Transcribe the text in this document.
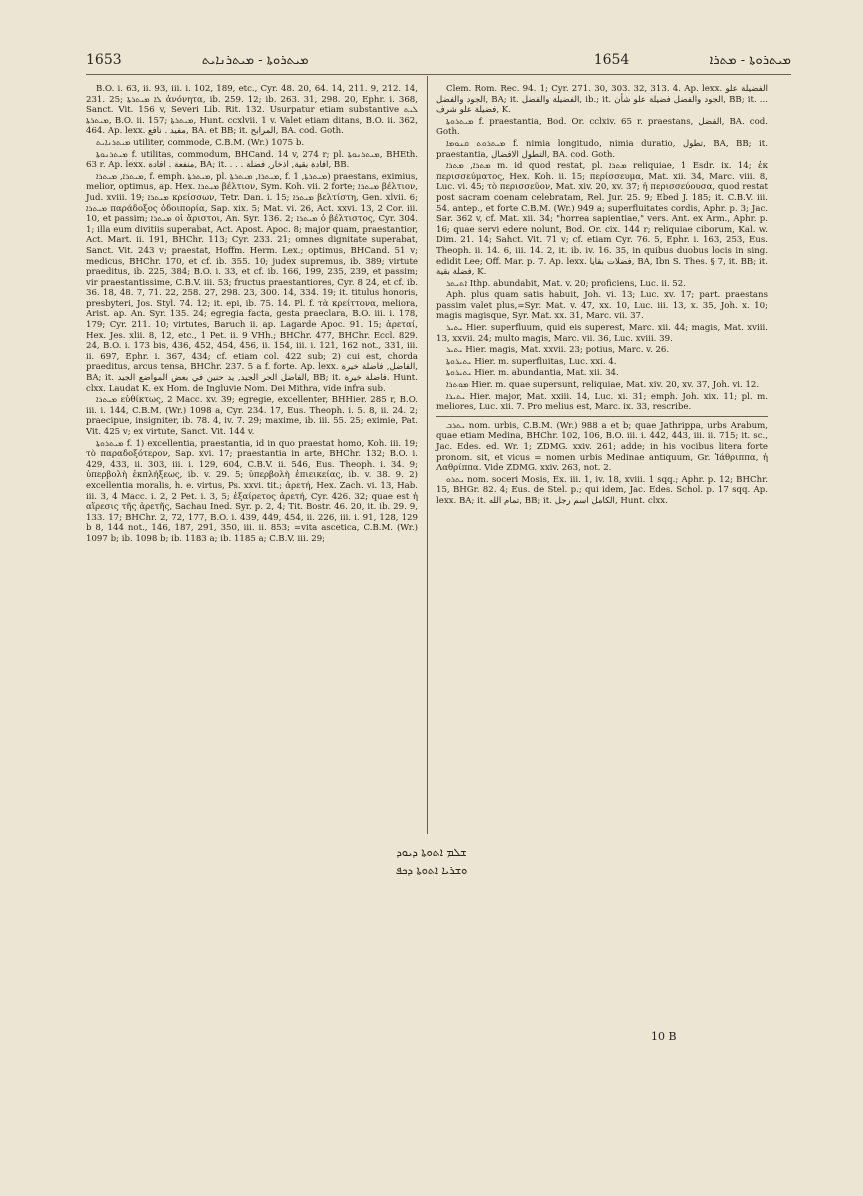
1653	ܡܝܬܪܘܬܐ - ܡܝܬܪܢܐܝܬ	ܡܝܬܪܘܬܐ - ܡܬܪܐ  1654

B.O. i. 63, ii. 93, iii. i. 102, 189, etc., Cyr. 48. 20, 64. 14, 211. 9, 212. 14, 231. 25; ܠܐ ܡܝܬܪܬܐ ἀνόνητα, ib. 259. 12; ib. 263. 31, 298. 20, Ephr. i. 368, Sanct. Vit. 156 v, Severi Lib. Rit. 132. Usurpatur etiam substantive ܠܝܬ ܡܝܬܪܬܐ, B.O. ii. 157; ܡܝܬܪܬܐ, Hunt. ccxlvii. 1 v. Valet etiam ditans, B.O. ii. 362, 464. Ap. lexx. مفيد . نافع, BA. et BB; it. المرابح, BA. cod. Goth.

ܡܝܬܪܢܐܝܬ utiliter, commode, C.B.M. (Wr.) 1075 b.

ܡܝܬܪܢܘܬܐ f. utilitas, commodum, BHCand. 14 v, 274 r; pl. ܡܝܬܪܢܘܬܐ, BHEth. 63 r. Ap. lexx. منفعة . افادة, BA; it. . . . افادة بقية, اذخار, فضلة, BB.

ܡܝܬܪܐ, ܡܝܬܪܐ, f. emph. ܡܝܬܪܬܐ, pl. ܡܝܬܪܐ, ܡܝܬܪܬܐ, f. ܡܝܬܪܬܐ, 1) praestans, eximius, melior, optimus, ap. Hex. ܡܝܬܪܐ βέλτιον, Sym. Koh. vii. 2 forte; ܡܝܬܪܐ βέλτιον, Jud. xviii. 19; ܡܝܬܪܐ κρείσσων, Tetr. Dan. i. 15; ܡܝܬܪܐ βελτίστη, Gen. xlvii. 6; ܡܝܬܪܐ παράδοξος ὁδοιπορία, Sap. xix. 5; Mat. vi. 26, Act. xxvi. 13, 2 Cor. iii. 10, et passim; ܡܝܬܪܐ οἱ ἄριστοι, An. Syr. 136. 2; ܡܝܬܪܐ ὁ βέλτιστος, Cyr. 304. 1; illa eum divitiis superabat, Act. Apost. Apoc. 8; major quam, praestantior, Act. Mart. ii. 191, BHChr. 113; Cyr. 233. 21; omnes dignitate superabat, Sanct. Vit. 243 v; praestat, Hoffm. Herm. Lex.; optimus, BHCand. 51 v; medicus, BHChr. 170, et cf. ib. 355. 10; judex supremus, ib. 389; virtute praeditus, ib. 225, 384; B.O. i. 33, et cf. ib. 166, 199, 235, 239, et passim; vir praestantissime, C.B.V. iii. 53; fructus praestantiores, Cyr. 8 24, et cf. ib. 36. 18, 48. 7, 71. 22, 258. 27, 298. 23, 300. 14, 334. 19; it. titulus honoris, presbyteri, Jos. Styl. 74. 12; it. epi, ib. 75. 14. Pl. f. τὰ κρείττονα, meliora, Arist. ap. An. Syr. 135. 24; egregia facta, gesta praeclara, B.O. iii. i. 178, 179; Cyr. 211. 10; virtutes, Baruch ii. ap. Lagarde Apoc. 91. 15; ἀρεταί, Hex. Jes. xlii. 8, 12, etc., 1 Pet. ii. 9 VHh.; BHChr. 477, BHChr. Eccl. 829. 24, B.O. i. 173 bis, 436, 452, 454, 456, ii. 154, iii. i. 121, 162 not., 331, iii. ii. 697, Ephr. i. 367, 434; cf. etiam col. 422 sub; 2) cui est, chorda praeditus, arcus tensa, BHChr. 237. 5 a f. forte. Ap. lexx. الفاضل, فاضلة خيرة, BA; it. الفاضل الحر الجيد, يد حنين في بعض المواضع الجيد, BB; it. فاضلة خيرة. Hunt. clxx. Laudat K. ex Hom. de Ingluvie Nom. Dei Mithra, vide infra sub.

ܡܝܬܪܐ εὐθίκτως, 2 Macc. xv. 39; egregie, excellenter, BHHier. 285 r, B.O. iii. i. 144, C.B.M. (Wr.) 1098 a, Cyr. 234. 17, Eus. Theoph. i. 5. 8, ii. 24. 2; praecipue, insigniter, ib. 78. 4, iv. 7. 29; maxime, ib. iii. 55. 25; eximie, Pat. Vit. 425 v; ex virtute, Sanct. Vit. 144 v.

ܡܝܬܪܘܬܐ f. 1) excellentia, praestantia, id in quo praestat homo, Koh. iii. 19; τὸ παραδοξότερον, Sap. xvi. 17; praestantia in arte, BHChr. 132; B.O. i. 429, 433, ii. 303, iii. i. 129, 604, C.B.V. ii. 546, Eus. Theoph. i. 34. 9; ὑπερβολὴ ἐκπλήξεως, ib. v. 29. 5; ὑπερβολὴ ἐπιεικείας, ib. v. 38. 9. 2) excellentia moralis, h. e. virtus, Ps. xxvi. tit.; ἀρετή, Hex. Zach. vi. 13, Hab. iii. 3, 4 Macc. i. 2, 2 Pet. i. 3, 5; ἐξαίρετος ἀρετή, Cyr. 426. 32; quae est ἡ αἵρεσις τῆς ἀρετῆς, Sachau Ined. Syr. p. 2, 4; Tit. Bostr. 46. 20, it. ib. 29. 9, 133. 17; BHChr. 2, 72, 177, B.O. i. 439, 449, 454, ii. 226, iii. i. 91, 128, 129 b 8, 144 not., 146, 187, 291, 350, iii. ii. 853; =vita ascetica, C.B.M. (Wr.) 1097 b; ib. 1098 b; ib. 1183 a; ib. 1185 a; C.B.V. iii. 29;

Clem. Rom. Rec. 94. 1; Cyr. 271. 30, 303. 32, 313. 4. Ap. lexx. الفضيلة علو الجود والفضل, BA; it. الفضيلة والفضل, ib.; it. الجود والفضل فضيلة علو شأن, BB; it. ... فضيلة علو شرف, K.

ܡܝܬܪܘܬܐ f. praestantia, Bod. Or. cclxiv. 65 r. praestans, الفضل, BA. cod. Goth.

ܡܝܬܪܘܬ ܩܢܘܡܐ f. nimia longitudo, nimia duratio, تطول, BA, BB; it. praestantia, التطول الافضال, BA. cod. Goth.

ܡܬܪܐ, ܡܬܪܐ m. id quod restat, pl. ܡܬܪܐ reliquiae, 1 Esdr. ix. 14; ἐκ περισσεύματος, Hex. Koh. ii. 15; περίσσευμα, Mat. xii. 34, Marc. viii. 8, Luc. vi. 45; τὸ περισσεῦον, Mat. xiv. 20, xv. 37; ἡ περισσεύουσα, quod restat post sacram coenam celebratam, Rel. Jur. 25. 9; Ebed J. 185; it. C.B.V. iii. 54. antep., et forte C.B.M. (Wr.) 949 a; superfluitates cordis, Aphr. p. 3; Jac. Sar. 362 v, cf. Mat. xii. 34; "horrea sapientiae," vers. Ant. ex Arm., Aphr. p. 16; quae servi edere nolunt, Bod. Or. cix. 144 r; reliquiae ciborum, Kal. w. Dim. 21. 14; Sahct. Vit. 71 v; cf. etiam Cyr. 76. 5, Ephr. i. 163, 253, Eus. Theoph. ii. 14. 6, iii. 14. 2, it. ib. iv. 16. 35, in quibus duobus locis in sing. edidit Lee; Off. Mar. p. 7. Ap. lexx. فضلات بقايا, BA, Ibn S. Thes. § 7, it. BB; it. فضلة بقية, K.

ܐܬܝܬܪ Ithp. abundabit, Mat. v. 20; proficiens, Luc. ii. 52.

Aph. plus quam satis habuit, Joh. vi. 13; Luc. xv. 17; part. praestans passim valet plus,=Syr. Mat. v. 47, xx. 10, Luc. iii. 13, x. 35, Joh. x. 10; magis magisque, Syr. Mat. xx. 31, Marc. vii. 37.

ܝܬܝܪ Hier. superfluum, quid eis superest, Marc. xii. 44; magis, Mat. xviii. 13, xxvii. 24; multo magis, Marc. vii. 36, Luc. xviii. 39.

ܝܬܝܪ Hier. magis, Mat. xxvii. 23; potius, Marc. v. 26.

ܝܬܝܪܘܬܐ Hier. m. superfluitas, Luc. xxi. 4.

ܝܬܝܪܘܬܐ Hier. m. abundantia, Mat. xii. 34.

ܡܘܬܪܐ Hier. m. quae supersunt, reliquiae, Mat. xiv. 20, xv. 37, Joh. vi. 12.

ܝܬܝܪܐ Hier. major, Mat. xxiii. 14, Luc. xi. 31; emph. Joh. xix. 11; pl. m. meliores, Luc. xii. 7. Pro melius est, Marc. ix. 33, rescribe.

ܝܬܪܒ nom. urbis, C.B.M. (Wr.) 988 a et b; quae Jathrippa, urbs Arabum, quae etiam Medina, BHChr. 102, 106, B.O. iii. i. 442, 443, iii. ii. 715; it. sc., Jac. Edes. ed. Wr. 1; ZDMG. xxiv. 261; adde; in his vocibus litera forte pronom. sit, et vicus = nomen urbis Medinae antiquum, Gr. Ἰάθριππα, ἡ Λαθρίππα. Vide ZDMG. xxiv. 263, not. 2.

ܝܬܪܘ nom. soceri Mosis, Ex. iii. 1, iv. 18, xviii. 1 sqq.; Aphr. p. 12; BHChr. 15, BHGr. 82. 4; Eus. de Stel. p.; qui idem, Jac. Edes. Schol. p. 17 sqq. Ap. lexx. BA; it. تمام الله, BB; it. الكامل اسم رجل, Hunt. clxx.

ܫܠܡ ܐܬܘܬܐ ܕܝܘܕ
ܘܫܪܝܐ ܐܬܘܬܐ ܕܟܦ
10 B
